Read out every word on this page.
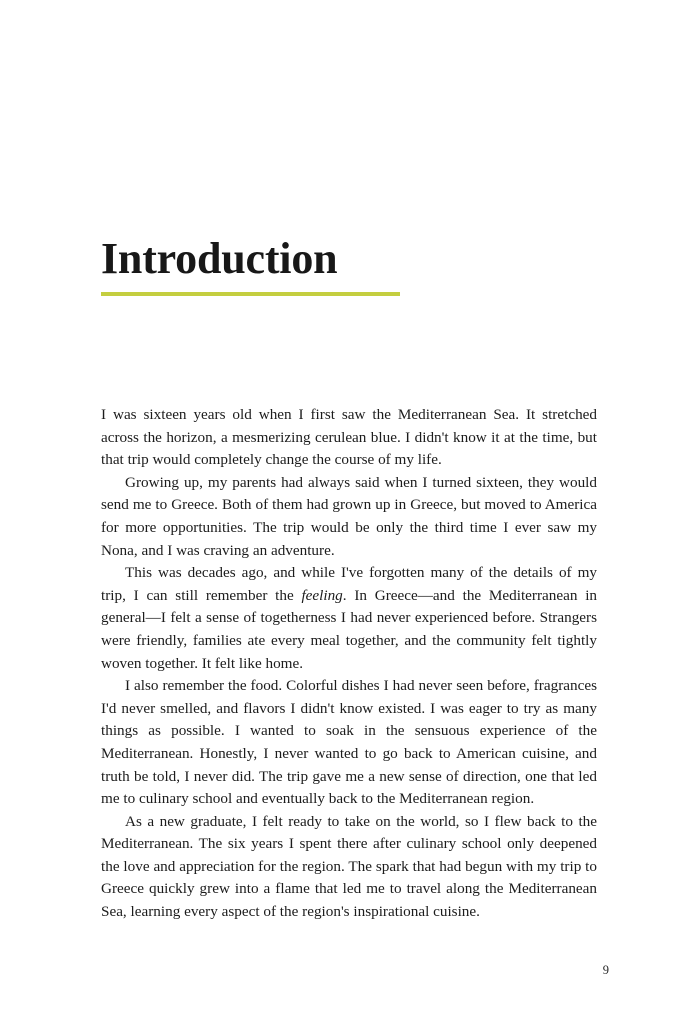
Introduction

I was sixteen years old when I first saw the Mediterranean Sea. It stretched across the horizon, a mesmerizing cerulean blue. I didn't know it at the time, but that trip would completely change the course of my life.

Growing up, my parents had always said when I turned sixteen, they would send me to Greece. Both of them had grown up in Greece, but moved to America for more opportunities. The trip would be only the third time I ever saw my Nona, and I was craving an adventure.

This was decades ago, and while I've forgotten many of the details of my trip, I can still remember the feeling. In Greece—and the Mediterranean in general—I felt a sense of togetherness I had never experienced before. Strangers were friendly, families ate every meal together, and the community felt tightly woven together. It felt like home.

I also remember the food. Colorful dishes I had never seen before, fragrances I'd never smelled, and flavors I didn't know existed. I was eager to try as many things as possible. I wanted to soak in the sensuous experience of the Mediterranean. Honestly, I never wanted to go back to American cuisine, and truth be told, I never did. The trip gave me a new sense of direction, one that led me to culinary school and eventually back to the Mediterranean region.

As a new graduate, I felt ready to take on the world, so I flew back to the Mediterranean. The six years I spent there after culinary school only deepened the love and appreciation for the region. The spark that had begun with my trip to Greece quickly grew into a flame that led me to travel along the Mediterranean Sea, learning every aspect of the region's inspirational cuisine.

9
